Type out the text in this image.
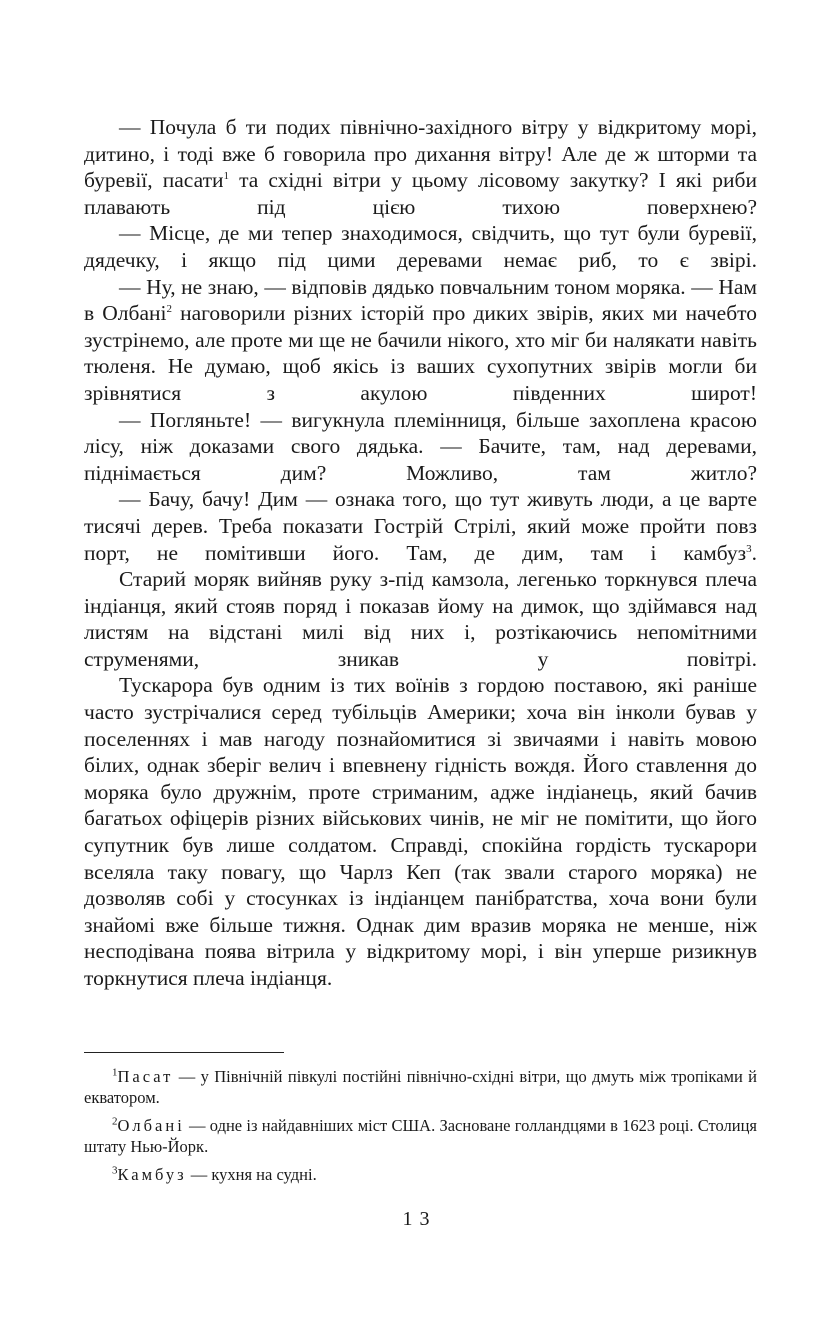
— Почула б ти подих північно-західного вітру у відкритому морі, дитино, і тоді вже б говорила про дихання вітру! Але де ж шторми та буревії, пасати$^1$ та східні вітри у цьому лісовому закутку? І які риби плавають під цією тихою поверхнею?

— Місце, де ми тепер знаходимося, свідчить, що тут були буревії, дядечку, і якщо під цими деревами немає риб, то є звірі.

— Ну, не знаю, — відповів дядько повчальним тоном моряка. — Нам в Олбані$^2$ наговорили різних історій про диких звірів, яких ми начебто зустрінемо, але проте ми ще не бачили нікого, хто міг би налякати навіть тюленя. Не думаю, щоб якісь із ваших сухопутних звірів могли би зрівнятися з акулою південних широт!

— Погляньте! — вигукнула племінниця, більше захоплена красою лісу, ніж доказами свого дядька. — Бачите, там, над деревами, піднімається дим? Можливо, там житло?

— Бачу, бачу! Дим — ознака того, що тут живуть люди, а це варте тисячі дерев. Треба показати Гострій Стрілі, який може пройти повз порт, не помітивши його. Там, де дим, там і камбуз$^3$.

Старий моряк вийняв руку з-під камзола, легенько торкнувся плеча індіанця, який стояв поряд і показав йому на димок, що здіймався над листям на відстані милі від них і, розтікаючись непомітними струменями, зникав у повітрі.

Тускарора був одним із тих воїнів з гордою поставою, які раніше часто зустрічалися серед тубільців Америки; хоча він інколи бував у поселеннях і мав нагоду познайомитися зі звичаями і навіть мовою білих, однак зберіг велич і впевнену гідність вождя. Його ставлення до моряка було дружнім, проте стриманим, адже індіанець, який бачив багатьох офіцерів різних військових чинів, не міг не помітити, що його супутник був лише солдатом. Справді, спокійна гордість тускарори вселяла таку повагу, що Чарлз Кеп (так звали старого моряка) не дозволяв собі у стосунках із індіанцем панібратства, хоча вони були знайомі вже більше тижня. Однак дим вразив моряка не менше, ніж несподівана поява вітрила у відкритому морі, і він уперше ризикнув торкнутися плеча індіанця.

$^1$Пасат — у Північній півкулі постійні північно-східні вітри, що дмуть між тропіками й екватором.

$^2$Олбані — одне із найдавніших міст США. Засноване голландцями в 1623 році. Столиця штату Нью-Йорк.

$^3$Камбуз — кухня на судні.

13
